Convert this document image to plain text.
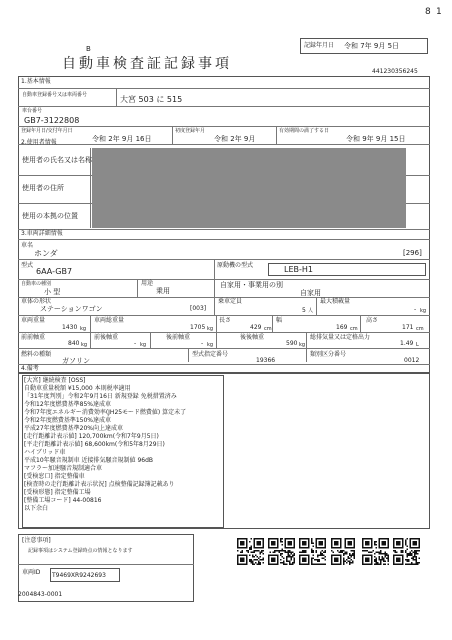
8 1
B
自動車検査証記録事項
記録年月日 令和 7年 9月 5日
441230356245
1.基本情報
自動車登録番号又は車両番号	大宮 503 に 515
車台番号
GB7-3122808
登録年月日/交付年月日
令和 2年 9月 16日
初度登録年月
令和 2年 9月
有効期間の満了する日
令和 9年 9月 15日
2.使用者情報
使用者の氏名又は名称
使用者の住所
使用の本拠の位置
3.車両詳細情報
車名
ホンダ	[296]
型式
6AA-GB7
原動機の型式	LEB-H1
自動車の種別
小 型
用途
乗用
自家用・事業用の別
自家用
車体の形状
ステーションワゴン	[003]
乗車定員
5 人
最大積載量
- kg
車両重量
1430 kg
車両総重量
1705 kg
長さ
429 cm
幅
169 cm
高さ
171 cm
前前軸重
840 kg
前後軸重
- kg
後前軸重
- kg
後後軸重
590 kg
総排気量又は定格出力
1.49 L
燃料の種類
ガソリン
型式指定番号
19366
類別区分番号
0012
4.備考
[大宮] 継続検査 [OSS]
自動車重量税額 ¥15,000 本則税率適用
「31年度判別」令和2年9月16日 新規登録 免税措置済み
令和12年度燃費基準85%達成車
令和7年度エネルギー消費効率(JH25モード燃費値) 算定未了
令和2年度燃費基準150%達成車
平成27年度燃費基準20%向上達成車
[走行距離計表示値] 120,700km(令和7年9月5日)
[平走行距離計表示値] 68,600km(令和5年8月29日)
ハイブリッド車
平成10年騒音規制車 近接排気騒音規制値 96dB
マフラー加速騒音規制適合車
[受検窓口] 指定整備車
[検査時の走行距離計表示状況] 点検整備記録簿記載あり
[受検形態] 指定整備工場
[整備工場コード] 44-00816
以下余白
[注意事項]
記録事項はシステム登録時点の情報となります
車両ID T9469XR9242693
2004843-0001
